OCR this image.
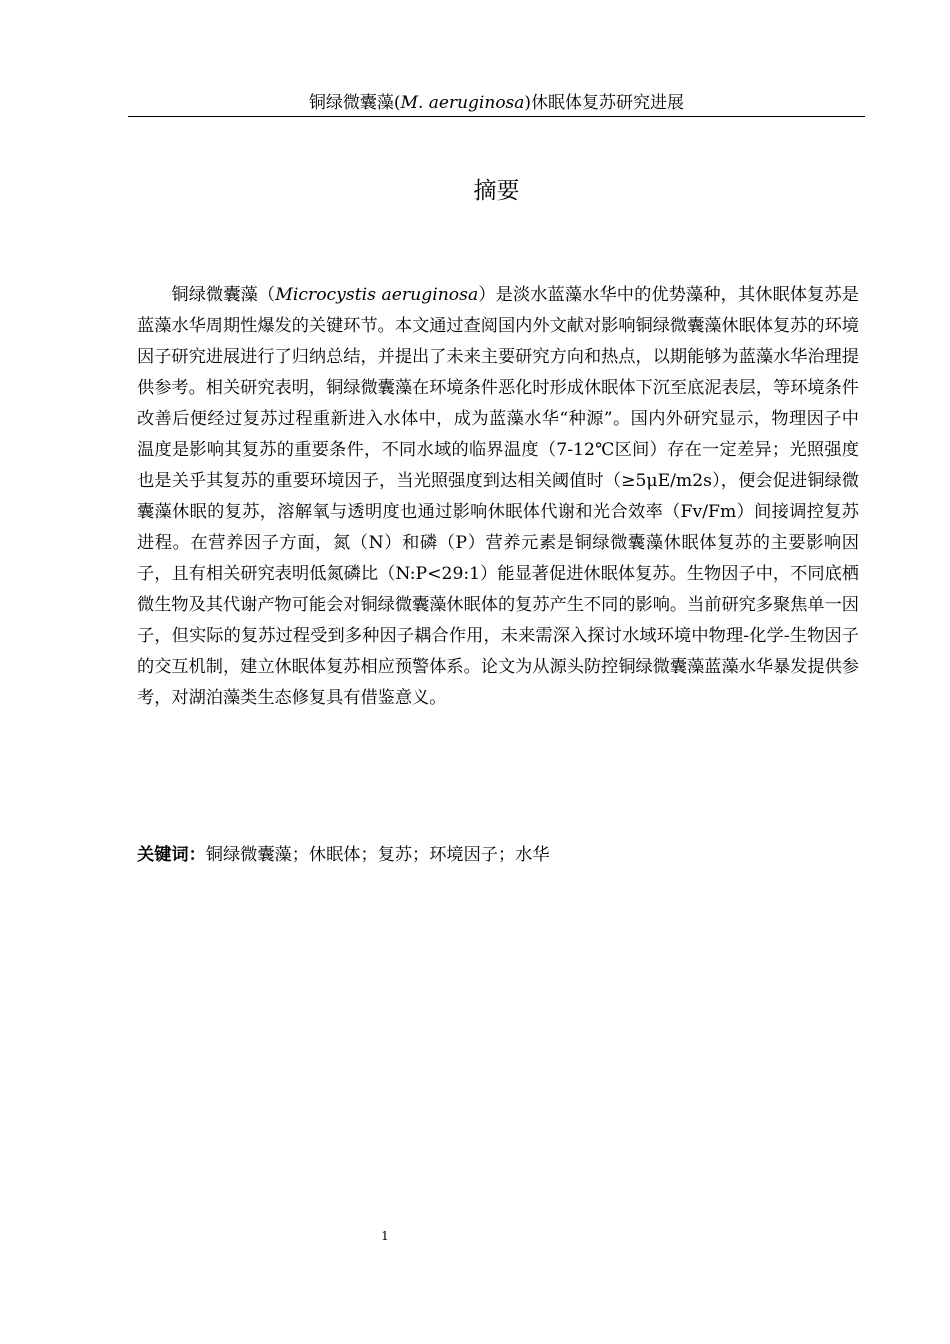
铜绿微囊藻(M. aeruginosa)休眠体复苏研究进展
摘要

铜绿微囊藻（Microcystis aeruginosa）是淡水蓝藻水华中的优势藻种，其休眠体复苏是蓝藻水华周期性爆发的关键环节。本文通过查阅国内外文献对影响铜绿微囊藻休眠体复苏的环境因子研究进展进行了归纳总结，并提出了未来主要研究方向和热点，以期能够为蓝藻水华治理提供参考。相关研究表明，铜绿微囊藻在环境条件恶化时形成休眠体下沉至底泥表层，等环境条件改善后便经过复苏过程重新进入水体中，成为蓝藻水华“种源”。国内外研究显示，物理因子中温度是影响其复苏的重要条件，不同水域的临界温度（7-12℃区间）存在一定差异；光照强度也是关乎其复苏的重要环境因子，当光照强度到达相关阈值时（≥5μE/m2s），便会促进铜绿微囊藻休眠的复苏，溶解氧与透明度也通过影响休眠体代谢和光合效率（Fv/Fm）间接调控复苏进程。在营养因子方面，氮（N）和磷（P）营养元素是铜绿微囊藻休眠体复苏的主要影响因子，且有相关研究表明低氮磷比（N:P<29:1）能显著促进休眠体复苏。生物因子中，不同底栖微生物及其代谢产物可能会对铜绿微囊藻休眠体的复苏产生不同的影响。当前研究多聚焦单一因子，但实际的复苏过程受到多种因子耦合作用，未来需深入探讨水域环境中物理-化学-生物因子的交互机制，建立休眠体复苏相应预警体系。论文为从源头防控铜绿微囊藻蓝藻水华暴发提供参考，对湖泊藻类生态修复具有借鉴意义。

关键词：铜绿微囊藻；休眠体；复苏；环境因子；水华

1
